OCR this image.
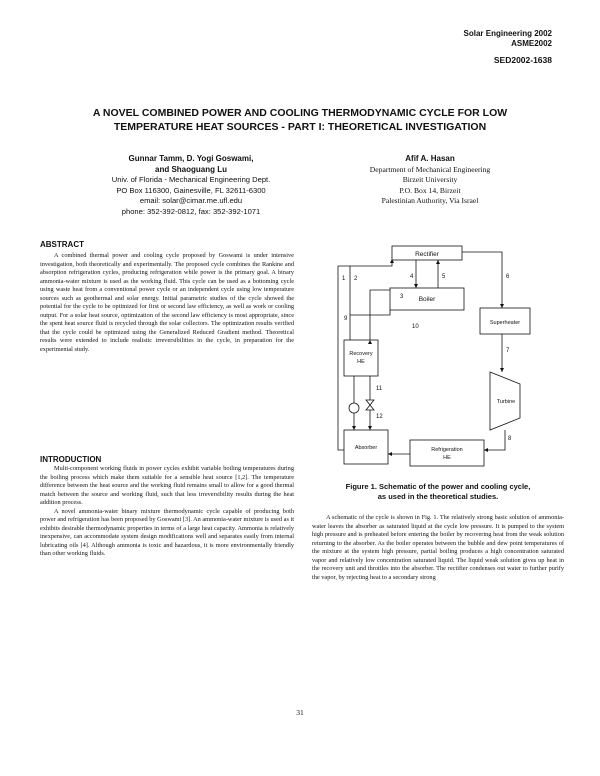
Solar Engineering 2002
ASME2002
SED2002-1638
A NOVEL COMBINED POWER AND COOLING THERMODYNAMIC CYCLE FOR LOW
TEMPERATURE HEAT SOURCES - PART I: THEORETICAL INVESTIGATION
Gunnar Tamm, D. Yogi Goswami,
and Shaoguang Lu
Univ. of Florida - Mechanical Engineering Dept.
PO Box 116300, Gainesville, FL 32611-6300
email: solar@cimar.me.ufl.edu
phone: 352-392-0812, fax: 352-392-1071
Afif A. Hasan
Department of Mechanical Engineering
Birzeit University
P.O. Box 14, Birzeit
Palestinian Authority, Via Israel
ABSTRACT

A combined thermal power and cooling cycle proposed by Goswami is under intensive investigation, both theoretically and experimentally. The proposed cycle combines the Rankine and absorption refrigeration cycles, producing refrigeration while power is the primary goal. A binary ammonia-water mixture is used as the working fluid. This cycle can be used as a bottoming cycle using waste heat from a conventional power cycle or an independent cycle using low temperature sources such as geothermal and solar energy. Initial parametric studies of the cycle showed the potential for the cycle to be optimized for first or second law efficiency, as well as work or cooling output. For a solar heat source, optimization of the second law efficiency is most appropriate, since the spent heat source fluid is recycled through the solar collectors. The optimization results verified that the cycle could be optimized using the Generalized Reduced Gradient method. Theoretical results were extended to include realistic irreversibilities in the cycle, in preparation for the experimental study.

INTRODUCTION

Multi-component working fluids in power cycles exhibit variable boiling temperatures during the boiling process which make them suitable for a sensible heat source [1,2]. The temperature difference between the heat source and the working fluid remains small to allow for a good thermal match between the source and working fluid, such that less irreversibility results during the heat addition process.

A novel ammonia-water binary mixture thermodynamic cycle capable of producing both power and refrigeration has been proposed by Goswami [3]. An ammonia-water mixture is used as it exhibits desirable thermodynamic properties in terms of a large heat capacity. Ammonia is relatively inexpensive, can accommodate system design modifications well and separates easily from internal lubricating oils [4]. Although ammonia is toxic and hazardous, it is more environmentally friendly than other working fluids.

Rectifier
Boiler
Superheater
Recovery
HE
Turbine
Absorber	Refrigeration
HE
2
3
4	5	6
7
8
9
10
11
12
1
Figure 1. Schematic of the power and cooling cycle,
as used in the theoretical studies.

A schematic of the cycle is shown in Fig. 1. The relatively strong basic solution of ammonia-water leaves the absorber as saturated liquid at the cycle low pressure. It is pumped to the system high pressure and is preheated before entering the boiler by recovering heat from the weak solution returning to the absorber. As the boiler operates between the bubble and dew point temperatures of the mixture at the system high pressure, partial boiling produces a high concentration saturated vapor and relatively low concentration saturated liquid. The liquid weak solution gives up heat in the recovery unit and throttles into the absorber. The rectifier condenses out water to further purify the vapor, by rejecting heat to a secondary strong

31
